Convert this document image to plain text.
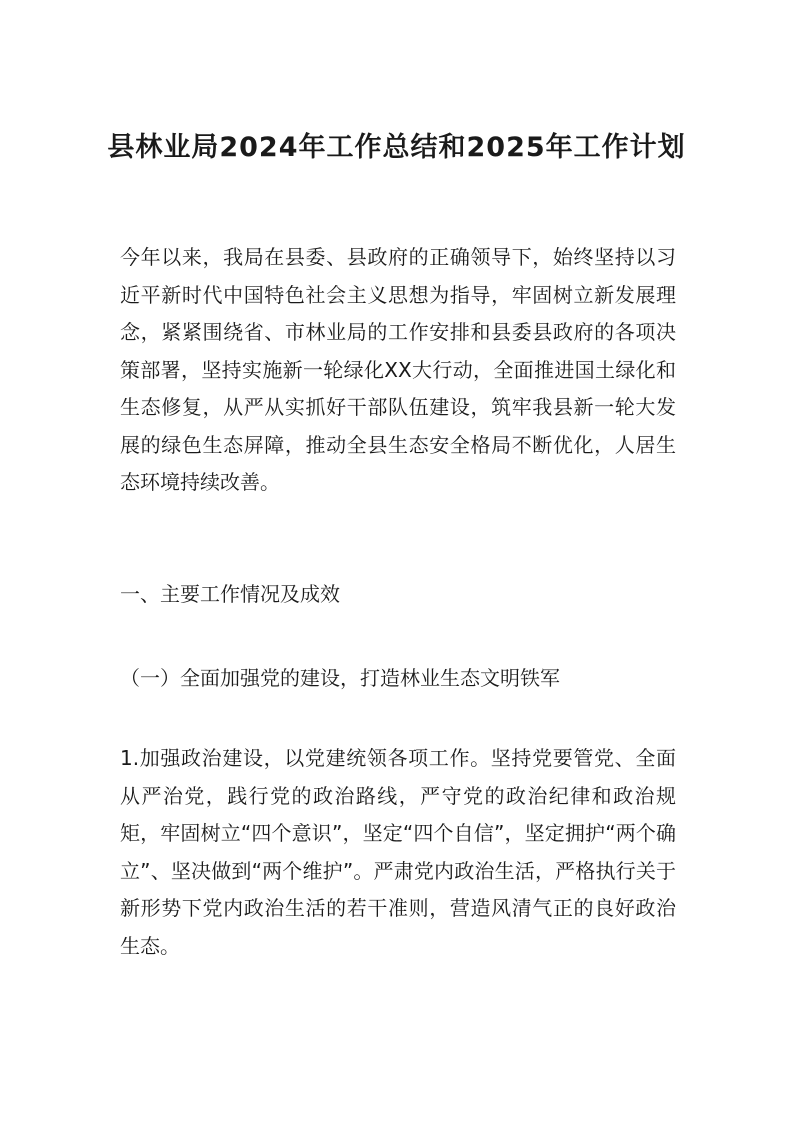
县林业局2024年工作总结和2025年工作计划

今年以来，我局在县委、县政府的正确领导下，始终坚持以习近平新时代中国特色社会主义思想为指导，牢固树立新发展理念，紧紧围绕省、市林业局的工作安排和县委县政府的各项决策部署，坚持实施新一轮绿化XX大行动，全面推进国土绿化和生态修复，从严从实抓好干部队伍建设，筑牢我县新一轮大发展的绿色生态屏障，推动全县生态安全格局不断优化，人居生态环境持续改善。

一、主要工作情况及成效

（一）全面加强党的建设，打造林业生态文明铁军

1.加强政治建设，以党建统领各项工作。坚持党要管党、全面从严治党，践行党的政治路线，严守党的政治纪律和政治规矩，牢固树立“四个意识”，坚定“四个自信”，坚定拥护“两个确立”、坚决做到“两个维护”。严肃党内政治生活，严格执行关于新形势下党内政治生活的若干准则，营造风清气正的良好政治生态。
